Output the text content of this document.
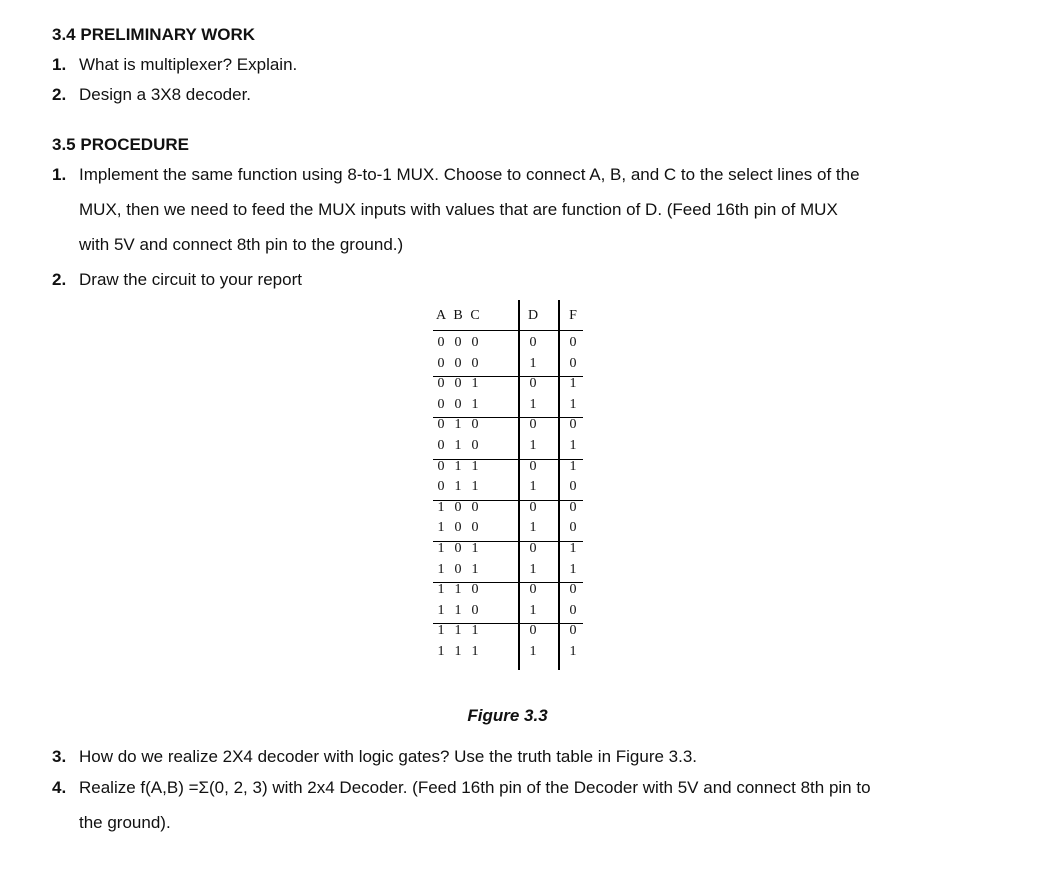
3.4 PRELIMINARY WORK
1. What is multiplexer? Explain.
2. Design a 3X8 decoder.
3.5 PROCEDURE
1. Implement the same function using 8-to-1 MUX. Choose to connect A, B, and C to the select lines of the
MUX, then we need to feed the MUX inputs with values that are function of D. (Feed 16th pin of MUX
with 5V and connect 8th pin to the ground.)
2. Draw the circuit to your report
A B C	D	F
0 0 0	0	0
0 0 0	1	0
0 0 1	0	1
0 0 1	1	1
0 1 0	0	0
0 1 0	1	1
0 1 1	0	1
0 1 1	1	0
1 0 0	0	0
1 0 0	1	0
1 0 1	0	1
1 0 1	1	1
1 1 0	0	0
1 1 0	1	0
1 1 1	0	0
1 1 1	1	1
Figure 3.3
3. How do we realize 2X4 decoder with logic gates? Use the truth table in Figure 3.3.
4. Realize f(A,B) =Σ(0, 2, 3) with 2x4 Decoder. (Feed 16th pin of the Decoder with 5V and connect 8th pin to
the ground).
